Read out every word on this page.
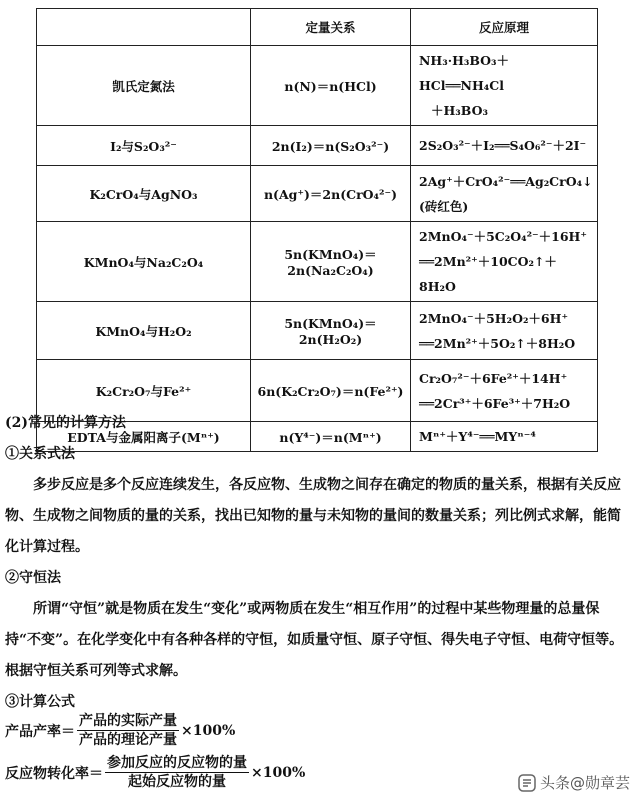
	定量关系	反应原理
凯氏定氮法	n(N)＝n(HCl)	NH₃·H₃BO₃＋HCl══NH₄Cl
＋H₃BO₃

I₂与S₂O₃²⁻	2n(I₂)＝n(S₂O₃²⁻)	2S₂O₃²⁻＋I₂══S₄O₆²⁻＋2I⁻

K₂CrO₄与AgNO₃	n(Ag⁺)＝2n(CrO₄²⁻)	2Ag⁺＋CrO₄²⁻══Ag₂CrO₄↓
(砖红色)

KMnO₄与Na₂C₂O₄	5n(KMnO₄)＝2n(Na₂C₂O₄)	2MnO₄⁻＋5C₂O₄²⁻＋16H⁺
══2Mn²⁺＋10CO₂↑＋8H₂O

KMnO₄与H₂O₂	5n(KMnO₄)＝2n(H₂O₂)	2MnO₄⁻＋5H₂O₂＋6H⁺
══2Mn²⁺＋5O₂↑＋8H₂O

K₂Cr₂O₇与Fe²⁺	6n(K₂Cr₂O₇)＝n(Fe²⁺)	Cr₂O₇²⁻＋6Fe²⁺＋14H⁺
══2Cr³⁺＋6Fe³⁺＋7H₂O

EDTA与金属阳离子(Mⁿ⁺)	n(Y⁴⁻)＝n(Mⁿ⁺)	Mⁿ⁺＋Y⁴⁻══MYⁿ⁻⁴
(2)常见的计算方法
①关系式法

多步反应是多个反应连续发生，各反应物、生成物之间存在确定的物质的量关系，根据有关反应物、生成物之间物质的量的关系，找出已知物的量与未知物的量间的数量关系；列比例式求解，能简化计算过程。

②守恒法

所谓“守恒”就是物质在发生“变化”或两物质在发生“相互作用”的过程中某些物理量的总量保持“不变”。在化学变化中有各种各样的守恒，如质量守恒、原子守恒、得失电子守恒、电荷守恒等。根据守恒关系可列等式求解。

③计算公式
产品产率＝ $\frac{\text{产品的实际产量}}{\text{产品的理论产量}} \times 100\%$
反应物转化率＝ $\frac{\text{参加反应的反应物的量}}{\text{起始反应物的量}} \times 100\%$
头条@勋章芸
